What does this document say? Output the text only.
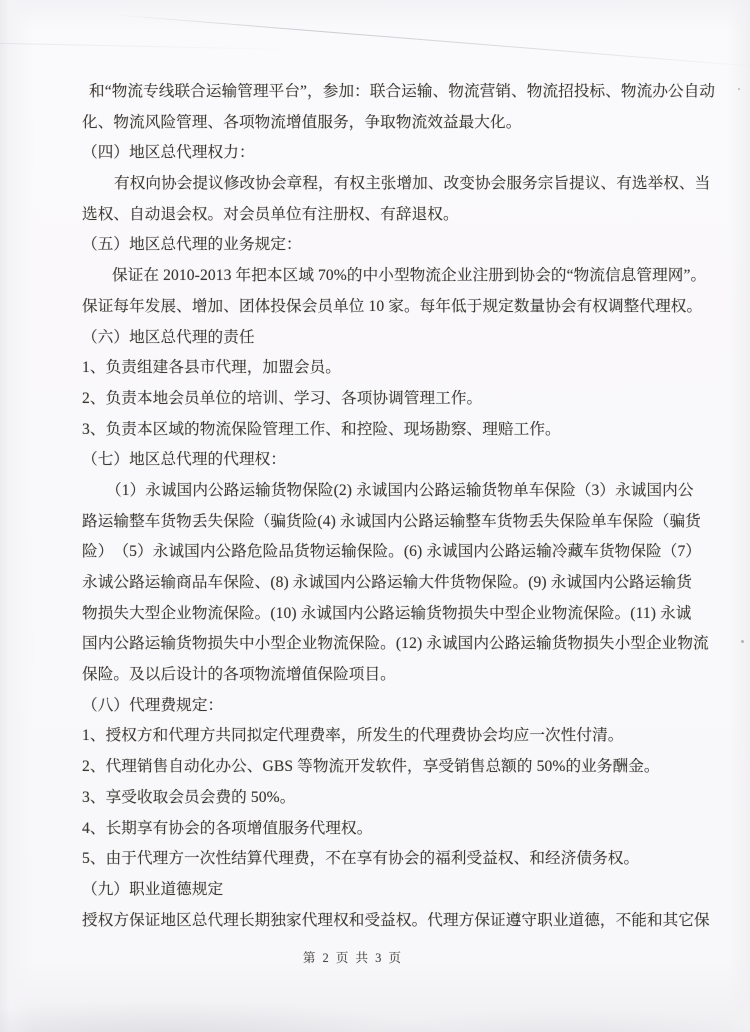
和“物流专线联合运输管理平台”，参加：联合运输、物流营销、物流招投标、物流办公自动
化、物流风险管理、各项物流增值服务，争取物流效益最大化。
（四）地区总代理权力：
有权向协会提议修改协会章程，有权主张增加、改变协会服务宗旨提议、有选举权、当
选权、自动退会权。对会员单位有注册权、有辞退权。
（五）地区总代理的业务规定：
保证在 2010-2013 年把本区域 70%的中小型物流企业注册到协会的“物流信息管理网”。
保证每年发展、增加、团体投保会员单位 10 家。每年低于规定数量协会有权调整代理权。
（六）地区总代理的责任
1、负责组建各县市代理，加盟会员。
2、负责本地会员单位的培训、学习、各项协调管理工作。
3、负责本区域的物流保险管理工作、和控险、现场勘察、理赔工作。
（七）地区总代理的代理权：
（1）永诚国内公路运输货物保险(2) 永诚国内公路运输货物单车保险（3）永诚国内公
路运输整车货物丢失保险（骗货险(4) 永诚国内公路运输整车货物丢失保险单车保险（骗货
险）　（5）永诚国内公路危险品货物运输保险。(6) 永诚国内公路运输冷藏车货物保险（7）
永诚公路运输商品车保险、(8) 永诚国内公路运输大件货物保险。(9) 永诚国内公路运输货
物损失大型企业物流保险。(10) 永诚国内公路运输货物损失中型企业物流保险。(11) 永诚
国内公路运输货物损失中小型企业物流保险。(12) 永诚国内公路运输货物损失小型企业物流
保险。及以后设计的各项物流增值保险项目。
（八）代理费规定：
1、授权方和代理方共同拟定代理费率，所发生的代理费协会均应一次性付清。
2、代理销售自动化办公、GBS 等物流开发软件，享受销售总额的 50%的业务酬金。
3、享受收取会员会费的 50%。
4、长期享有协会的各项增值服务代理权。
5、由于代理方一次性结算代理费，不在享有协会的福利受益权、和经济债务权。
（九）职业道德规定
授权方保证地区总代理长期独家代理权和受益权。代理方保证遵守职业道德，不能和其它保
第 2 页 共 3 页
